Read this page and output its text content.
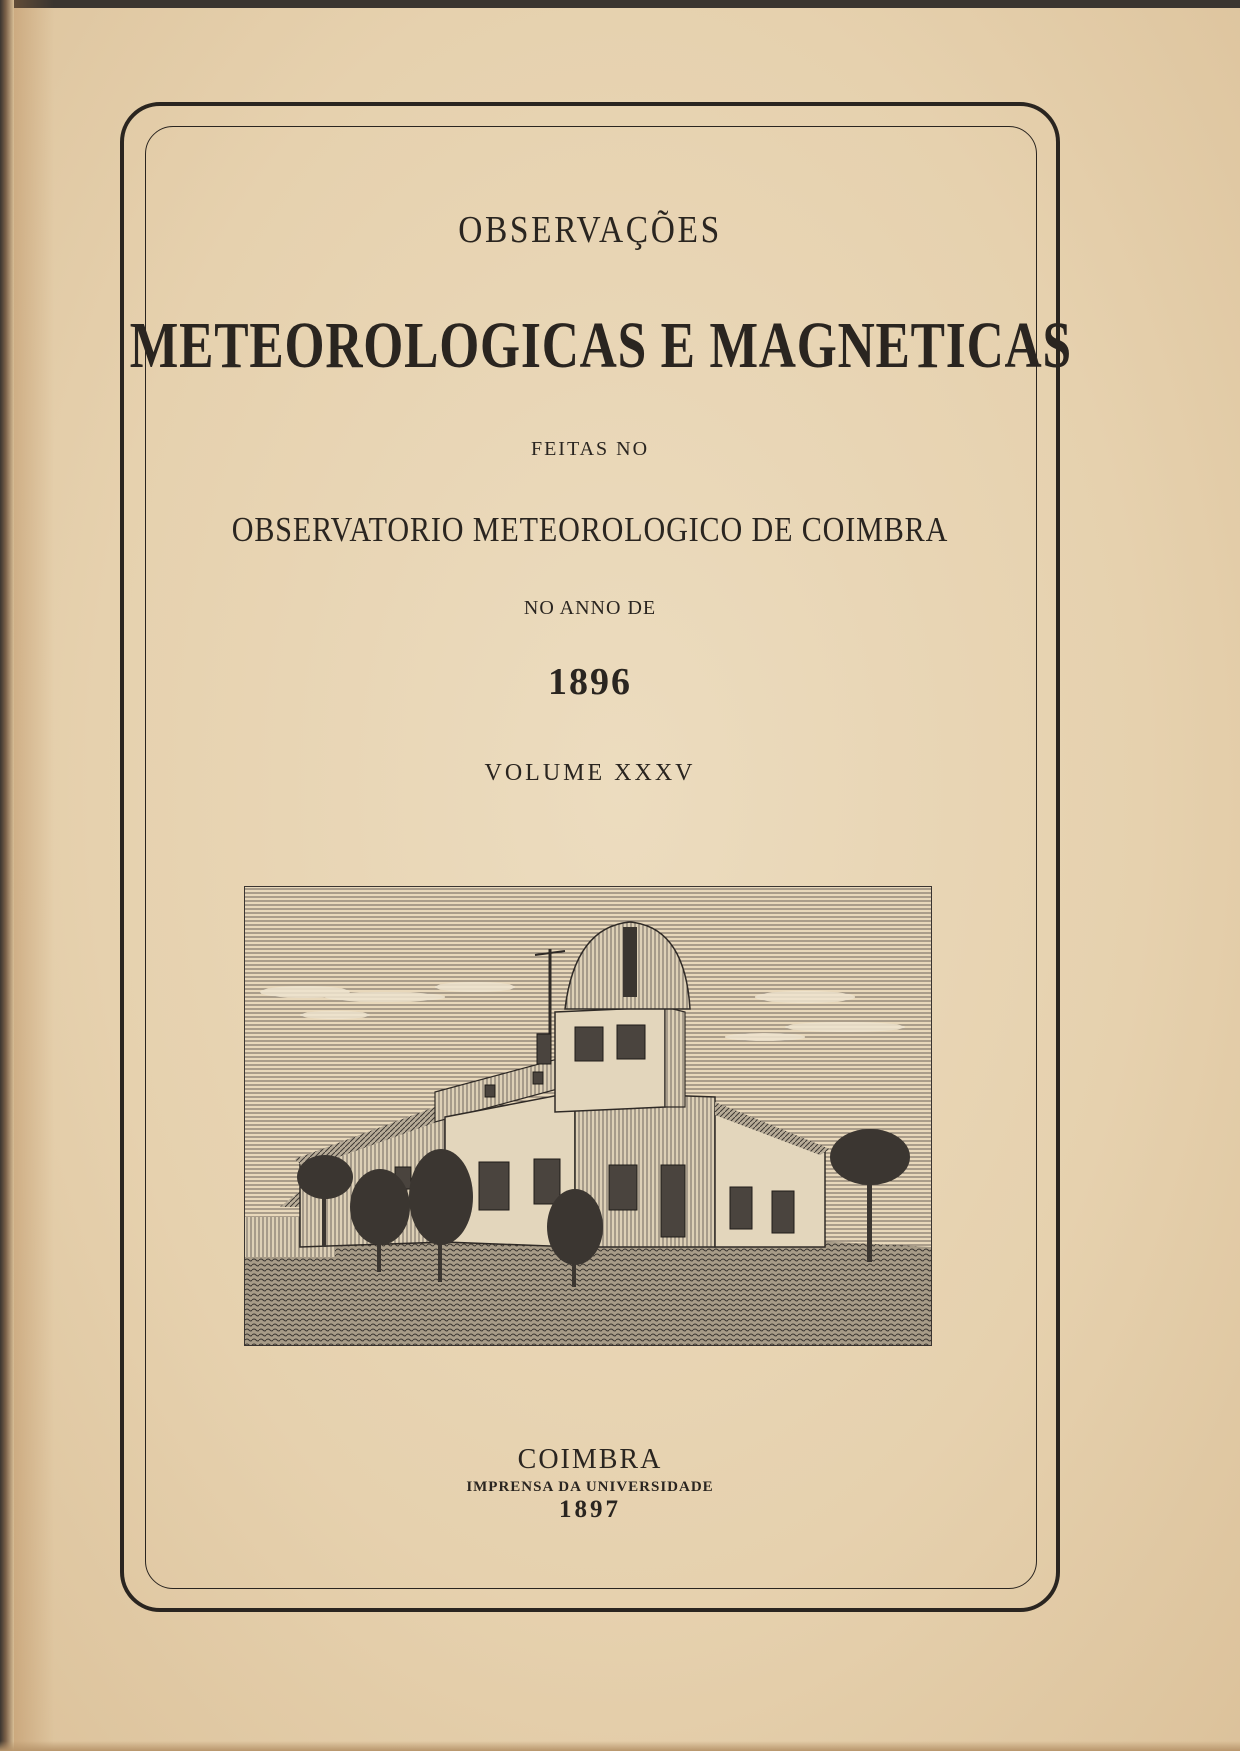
OBSERVAÇÕES
METEOROLOGICAS E MAGNETICAS
FEITAS NO
OBSERVATORIO METEOROLOGICO DE COIMBRA
NO ANNO DE
1896
VOLUME XXXV
COIMBRA
IMPRENSA DA UNIVERSIDADE
1897
